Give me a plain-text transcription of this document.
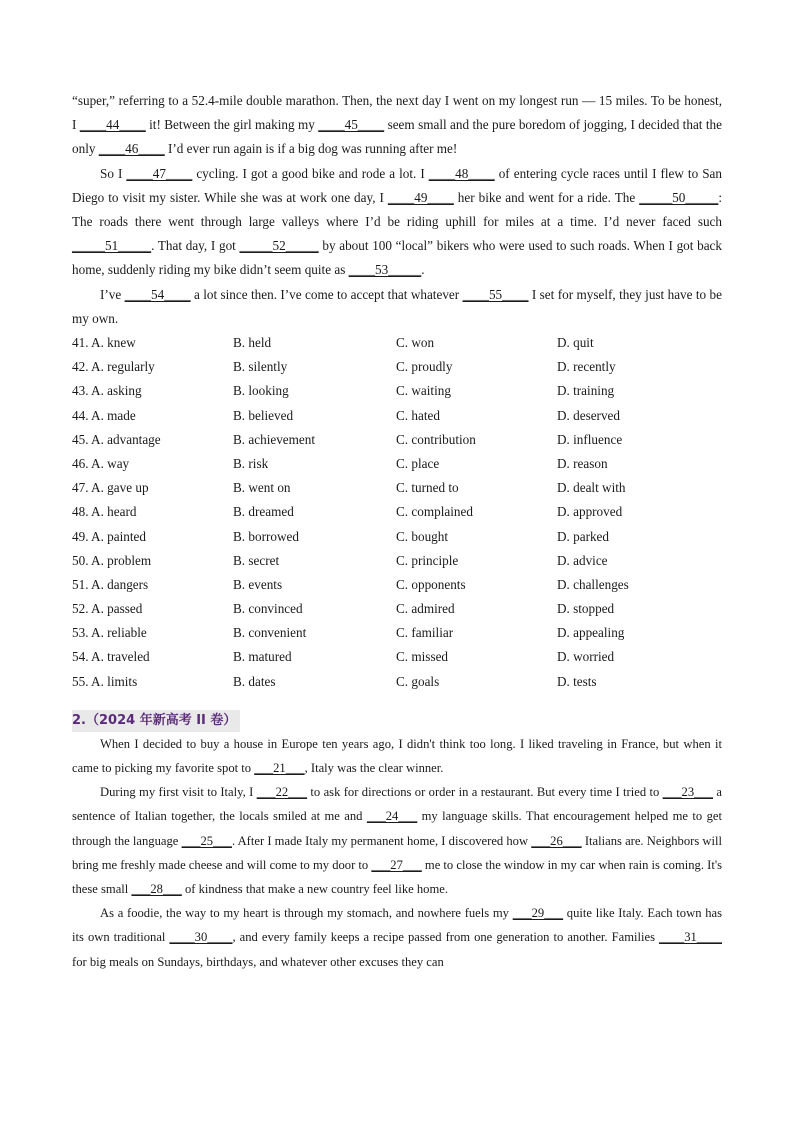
“super,” referring to a 52.4-mile double marathon. Then, the next day I went on my longest run — 15 miles. To be honest, I ____44____ it! Between the girl making my ____45____ seem small and the pure boredom of jogging, I decided that the only ____46____ I’d ever run again is if a big dog was running after me!

So I ____47____ cycling. I got a good bike and rode a lot. I ____48____ of entering cycle races until I flew to San Diego to visit my sister. While she was at work one day, I ____49____ her bike and went for a ride. The _____50_____: The roads there went through large valleys where I’d be riding uphill for miles at a time. I’d never faced such _____51_____. That day, I got _____52_____ by about 100 “local” bikers who were used to such roads. When I got back home, suddenly riding my bike didn’t seem quite as ____53_____.

I’ve ____54____ a lot since then. I’ve come to accept that whatever ____55____ I set for myself, they just have to be my own.

41. A. knew	B. held	C. won	D. quit
42. A. regularly	B. silently	C. proudly	D. recently
43. A. asking	B. looking	C. waiting	D. training
44. A. made	B. believed	C. hated	D. deserved
45. A. advantage	B. achievement	C. contribution	D. influence
46. A. way	B. risk	C. place	D. reason
47. A. gave up	B. went on	C. turned to	D. dealt with
48. A. heard	B. dreamed	C. complained	D. approved
49. A. painted	B. borrowed	C. bought	D. parked
50. A. problem	B. secret	C. principle	D. advice
51. A. dangers	B. events	C. opponents	D. challenges
52. A. passed	B. convinced	C. admired	D. stopped
53. A. reliable	B. convenient	C. familiar	D. appealing
54. A. traveled	B. matured	C. missed	D. worried
55. A. limits	B. dates	C. goals	D. tests
2.（2024 年新高考 II 卷）

When I decided to buy a house in Europe ten years ago, I didn't think too long. I liked traveling in France, but when it came to picking my favorite spot to ___21___, Italy was the clear winner.

During my first visit to Italy, I ___22___ to ask for directions or order in a restaurant. But every time I tried to ___23___ a sentence of Italian together, the locals smiled at me and ___24___ my language skills. That encouragement helped me to get through the language ___25___. After I made Italy my permanent home, I discovered how ___26___ Italians are. Neighbors will bring me freshly made cheese and will come to my door to ___27___ me to close the window in my car when rain is coming. It's these small ___28___ of kindness that make a new country feel like home.

As a foodie, the way to my heart is through my stomach, and nowhere fuels my ___29___ quite like Italy. Each town has its own traditional ____30____, and every family keeps a recipe passed from one generation to another. Families ____31____ for big meals on Sundays, birthdays, and whatever other excuses they can
